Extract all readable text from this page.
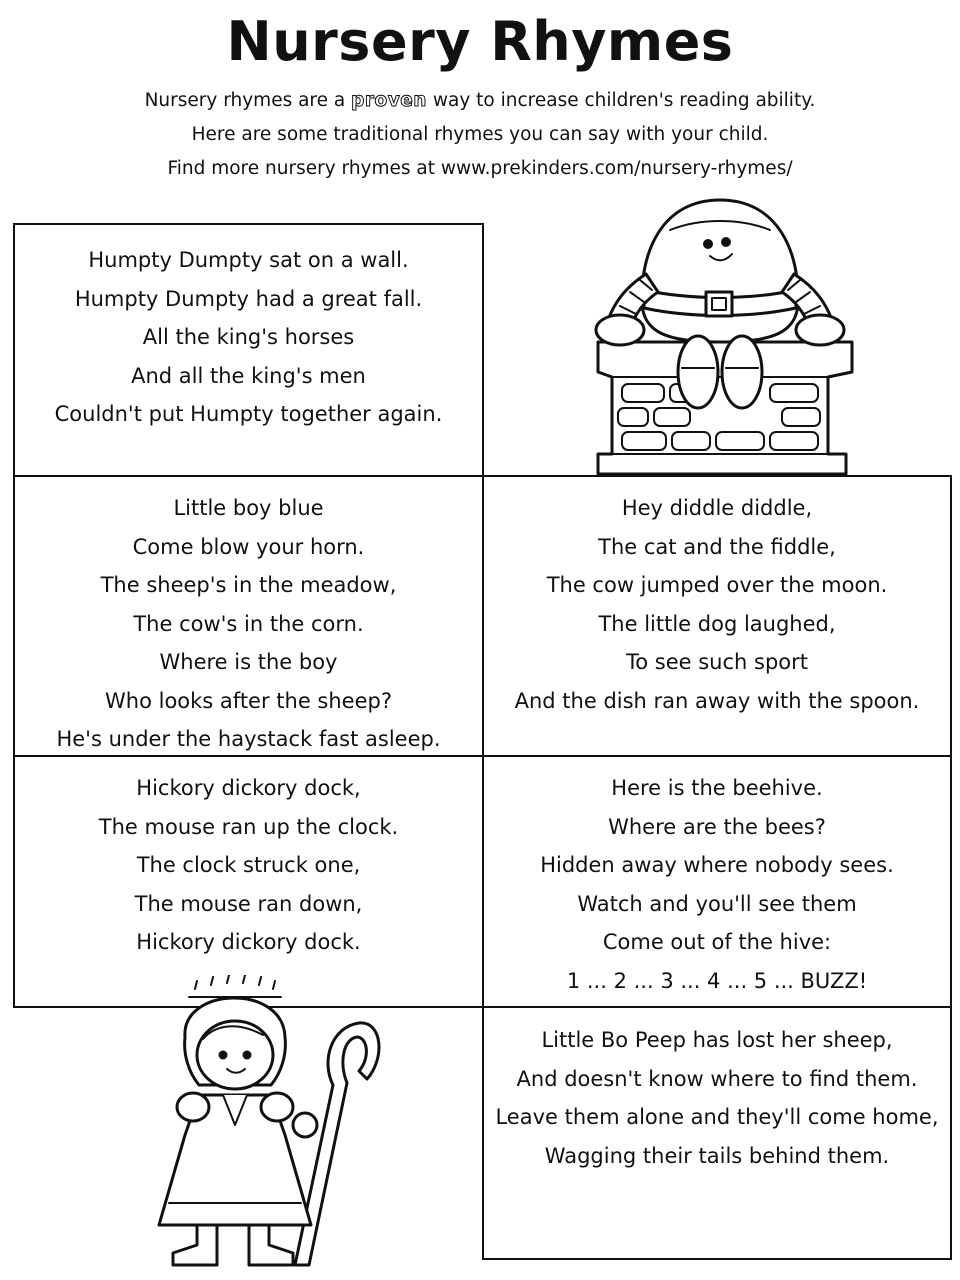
Nursery Rhymes
Nursery rhymes are a proven way to increase children's reading ability.
Here are some traditional rhymes you can say with your child.
Find more nursery rhymes at www.prekinders.com/nursery-rhymes/
Humpty Dumpty sat on a wall.
Humpty Dumpty had a great fall.
All the king's horses
And all the king's men
Couldn't put Humpty together again.
Little boy blue
Come blow your horn.
The sheep's in the meadow,
The cow's in the corn.
Where is the boy
Who looks after the sheep?
He's under the haystack fast asleep.
Hey diddle diddle,
The cat and the fiddle,
The cow jumped over the moon.
The little dog laughed,
To see such sport
And the dish ran away with the spoon.
Hickory dickory dock,
The mouse ran up the clock.
The clock struck one,
The mouse ran down,
Hickory dickory dock.
Here is the beehive.
Where are the bees?
Hidden away where nobody sees.
Watch and you'll see them
Come out of the hive:
1 ... 2 ... 3 ... 4 ... 5 ... BUZZ!
Little Bo Peep has lost her sheep,
And doesn't know where to find them.
Leave them alone and they'll come home,
Wagging their tails behind them.
